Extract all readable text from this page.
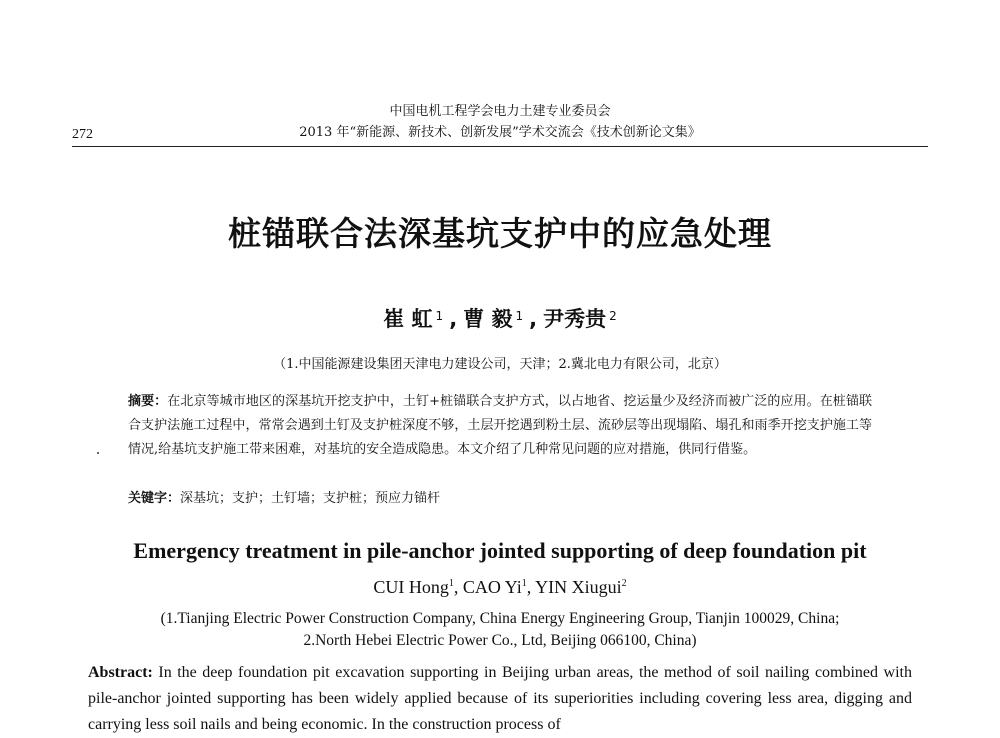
中国电机工程学会电力土建专业委员会
272	2013 年“新能源、新技术、创新发展”学术交流会《技术创新论文集》
桩锚联合法深基坑支护中的应急处理
崔 虹 $^1$ , 曹 毅 $^1$ , 尹秀贵 $^2$
（1.中国能源建设集团天津电力建设公司，天津；2.冀北电力有限公司，北京）
摘要：在北京等城市地区的深基坑开挖支护中，土钉+桩锚联合支护方式，以占地省、挖运量少及经济而被广泛的应用。在桩锚联合支护法施工过程中，常常会遇到土钉及支护桩深度不够，土层开挖遇到粉土层、流砂层等出现塌陷、塌孔和雨季开挖支护施工等情况,给基坑支护施工带来困难，对基坑的安全造成隐患。本文介绍了几种常见问题的应对措施，供同行借鉴。
关键字：深基坑；支护；土钉墙；支护桩；预应力锚杆
Emergency treatment in pile-anchor jointed supporting of deep foundation pit
CUI Hong$^1$, CAO Yi$^1$, YIN Xiugui$^2$
(1.Tianjing Electric Power Construction Company, China Energy Engineering Group, Tianjin 100029, China;
2.North Hebei Electric Power Co., Ltd, Beijing 066100, China)
Abstract: In the deep foundation pit excavation supporting in Beijing urban areas, the method of soil nailing combined with pile-anchor jointed supporting has been widely applied because of its superiorities including covering less area, digging and carrying less soil nails and being economic. In the construction process of
